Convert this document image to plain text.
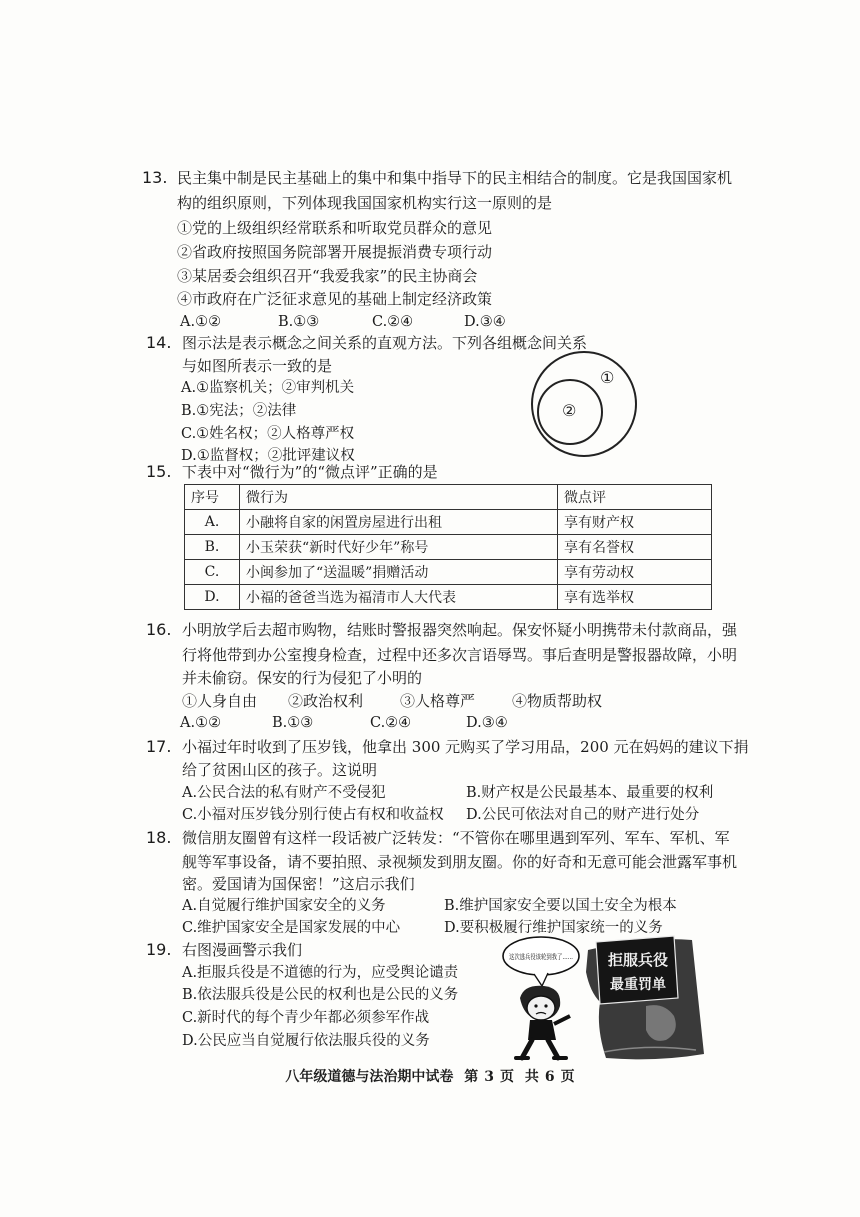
13. 民主集中制是民主基础上的集中和集中指导下的民主相结合的制度。它是我国国家机
构的组织原则，下列体现我国国家机构实行这一原则的是
①党的上级组织经常联系和听取党员群众的意见
②省政府按照国务院部署开展提振消费专项行动
③某居委会组织召开“我爱我家”的民主协商会
④市政府在广泛征求意见的基础上制定经济政策
A.①②	B.①③	C.②④	D.③④
14. 图示法是表示概念之间关系的直观方法。下列各组概念间关系
与如图所表示一致的是
A.①监察机关；②审判机关
B.①宪法；②法律
C.①姓名权；②人格尊严权
D.①监督权；②批评建议权
①
②
15. 下表中对“微行为”的“微点评”正确的是
序号	微行为	微点评
A.	小融将自家的闲置房屋进行出租	享有财产权
B.	小玉荣获“新时代好少年”称号	享有名誉权
C.	小闽参加了“送温暖”捐赠活动	享有劳动权
D.	小福的爸爸当选为福清市人大代表	享有选举权
16. 小明放学后去超市购物，结账时警报器突然响起。保安怀疑小明携带未付款商品，强
行将他带到办公室搜身检查，过程中还多次言语辱骂。事后查明是警报器故障，小明
并未偷窃。保安的行为侵犯了小明的
①人身自由 ②政治权利 ③人格尊严 ④物质帮助权
A.①②	B.①③	C.②④	D.③④
17. 小福过年时收到了压岁钱，他拿出 300 元购买了学习用品，200 元在妈妈的建议下捐
给了贫困山区的孩子。这说明
A.公民合法的私有财产不受侵犯	B.财产权是公民最基本、最重要的权利
C.小福对压岁钱分别行使占有权和收益权 D.公民可依法对自己的财产进行处分
18. 微信朋友圈曾有这样一段话被广泛转发：“不管你在哪里遇到军列、军车、军机、军
舰等军事设备，请不要拍照、录视频发到朋友圈。你的好奇和无意可能会泄露军事机
密。爱国请为国保密！”这启示我们
A.自觉履行维护国家安全的义务	B.维护国家安全要以国土安全为根本
C.维护国家安全是国家发展的中心	D.要积极履行维护国家统一的义务
19. 右图漫画警示我们
A.拒服兵役是不道德的行为，应受舆论谴责
B.依法服兵役是公民的权利也是公民的义务
C.新时代的每个青少年都必须参军作战
D.公民应当自觉履行依法服兵役的义务
这次逃兵役该轮到我了…… 拒服兵役
最重罚单
八年级道德与法治期中试卷 第 3 页 共 6 页
